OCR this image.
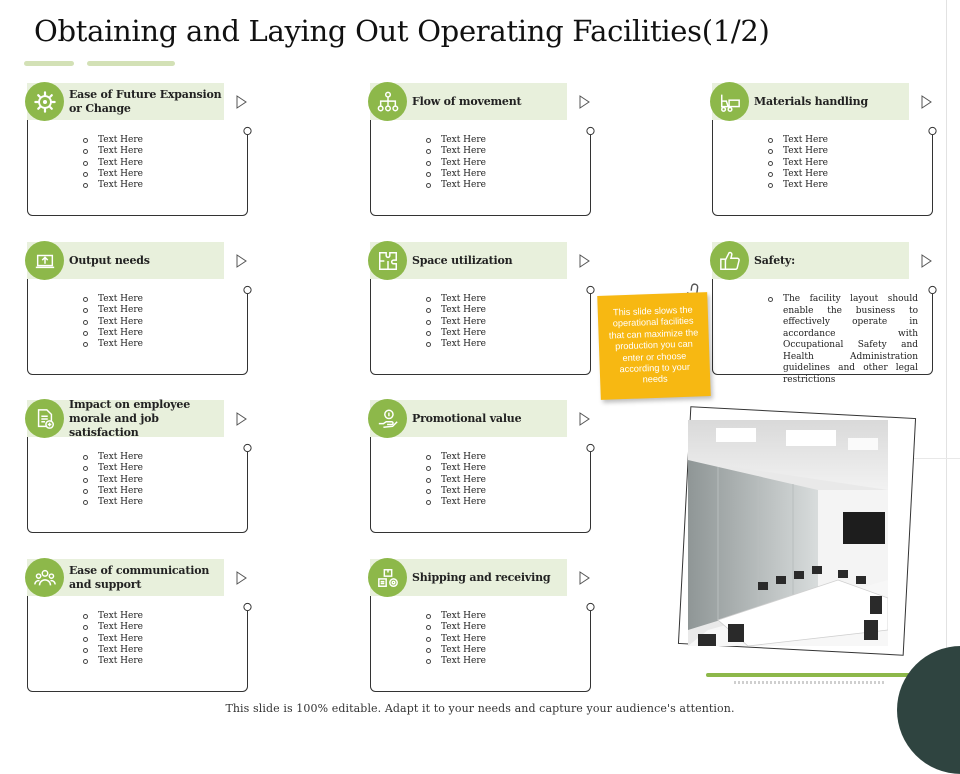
Obtaining and Laying Out Operating Facilities(1/2)
Ease of Future Expansion or Change
Text Here
Text Here
Text Here
Text Here
Text Here
Flow of movement
Text Here
Text Here
Text Here
Text Here
Text Here
Materials handling
Text Here
Text Here
Text Here
Text Here
Text Here
Output needs
Text Here
Text Here
Text Here
Text Here
Text Here
Space utilization
Text Here
Text Here
Text Here
Text Here
Text Here
Safety:
The facility layout should enable the business to effectively operate in accordance with Occupational Safety and Health Administration guidelines and other legal restrictions
Impact on employee morale and job satisfaction
Text Here
Text Here
Text Here
Text Here
Text Here
Promotional value
Text Here
Text Here
Text Here
Text Here
Text Here
Ease of communication and support
Text Here
Text Here
Text Here
Text Here
Text Here
Shipping and receiving
Text Here
Text Here
Text Here
Text Here
Text Here
This slide slows the operational facilities that can maximize the production you can enter or choose according to your needs
This slide is 100% editable. Adapt it to your needs and capture your audience's attention.
